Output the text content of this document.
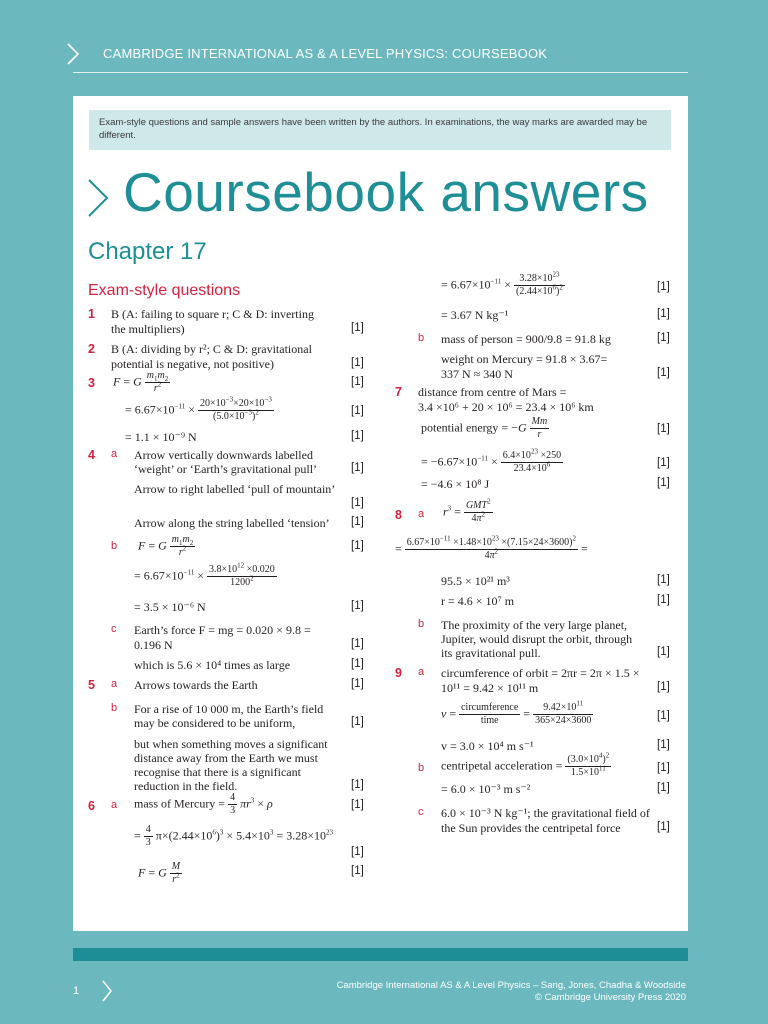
CAMBRIDGE INTERNATIONAL AS & A LEVEL PHYSICS: COURSEBOOK
Exam-style questions and sample answers have been written by the authors. In examinations, the way marks are awarded may be different.
Coursebook answers
Chapter 17
Exam-style questions
1 B (A: failing to square r; C & D: inverting
the multipliers)	[1]
2 B (A: dividing by r²; C & D: gravitational
potential is negative, not positive)	[1]
3 F = G $\frac{m_1m_2}{r^2}$	[1]
= $6.67\times 10^{-11} \times \frac{20\times 10^{-3}\times 20\times 10^{-3}}{(5.0\times 10^{-3})^2}$	[1]
= 1.1 × 10⁻⁹ N	[1]
4 a Arrow vertically downwards labelled
‘weight’ or ‘Earth’s gravitational pull’	[1]
Arrow to right labelled ‘pull of mountain’
[1]
Arrow along the string labelled ‘tension’ [1]
b F = G $\frac{m_1m_2}{r^2}$	[1]
= $6.67\times 10^{-11} \times \frac{3.8\times 10^{12} \times 0.020}{1200^2}$
= 3.5 × 10⁻⁶ N	[1]
c Earth’s force F = mg = 0.020 × 9.8 =
0.196 N	[1]
which is 5.6 × 10⁴ times as large	[1]
5 a Arrows towards the Earth	[1]
b For a rise of 10 000 m, the Earth’s field
may be considered to be uniform,	[1]
but when something moves a significant
distance away from the Earth we must
recognise that there is a significant
reduction in the field.	[1]
6 a mass of Mercury = $\frac{4}{3} \pi r^3 \times \rho$	[1]
= $\frac{4}{3} \pi\times(2.44\times 10^6)^3 \times 5.4\times 10^3 = 3.28\times 10^{23}$
[1]
F = G $\frac{M}{r^2}$	[1]
= $6.67\times 10^{-11} \times \frac{3.28\times 10^{23}}{(2.44\times 10^6)^2}$	[1]
= 3.67 N kg⁻¹	[1]
b mass of person = 900/9.8 = 91.8 kg	[1]
weight on Mercury = 91.8 × 3.67=
337 N ≈ 340 N	[1]
7 distance from centre of Mars =
3.4 ×10⁶ + 20 × 10⁶ = 23.4 × 10⁶ km
potential energy = $-G \frac{Mm}{r}$	[1]
= $-6.67\times 10^{-11} \times \frac{6.4\times 10^{23} \times 250}{23.4\times 10^6}$	[1]
= −4.6 × 10⁸ J	[1]
8 a $r^3 = \frac{GMT^2}{4\pi^2}$
= $\frac{6.67\times 10^{-11} \times 1.48\times 10^{23} \times(7.15\times 24\times 3600)^2}{4\pi^2}$ =
95.5 × 10²¹ m³	[1]
r = 4.6 × 10⁷ m	[1]
b The proximity of the very large planet,
Jupiter, would disrupt the orbit, through
its gravitational pull.	[1]
9 a circumference of orbit = 2πr = 2π × 1.5 ×
10¹¹ = 9.42 × 10¹¹ m	[1]
$v = \frac{\text{circumference}}{\text{time}} = \frac{9.42\times 10^{11}}{365\times 24\times 3600}$	[1]
v = 3.0 × 10⁴ m s⁻¹	[1]
b centripetal acceleration = $\frac{(3.0\times 10^4)^2}{1.5\times 10^{11}}$	[1]
= 6.0 × 10⁻³ m s⁻²	[1]
c 6.0 × 10⁻³ N kg⁻¹; the gravitational field of
the Sun provides the centripetal force	[1]
1	Cambridge International AS & A Level Physics – Sang, Jones, Chadha & Woodside
© Cambridge University Press 2020
